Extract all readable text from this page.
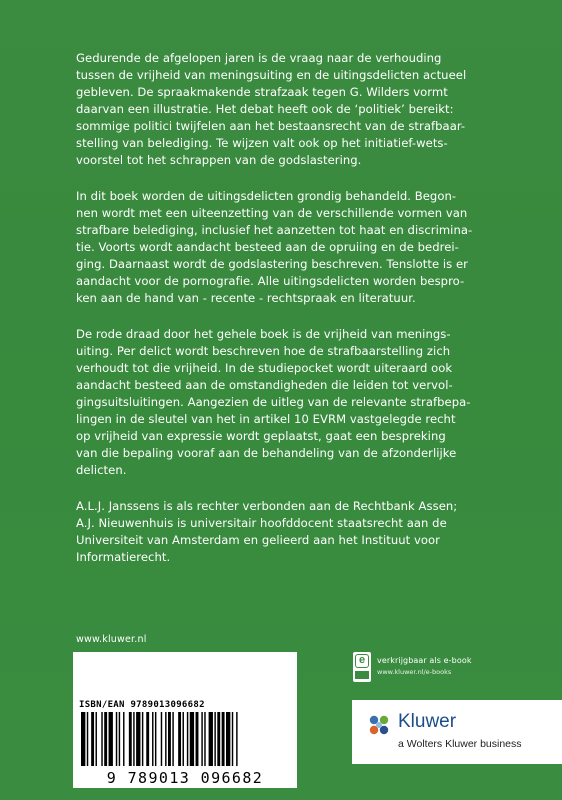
Gedurende de afgelopen jaren is de vraag naar de verhouding
tussen de vrijheid van meningsuiting en de uitingsdelicten actueel
gebleven. De spraakmakende strafzaak tegen G. Wilders vormt
daarvan een illustratie. Het debat heeft ook de ‘politiek’ bereikt:
sommige politici twijfelen aan het bestaansrecht van de strafbaar-
stelling van belediging. Te wijzen valt ook op het initiatief-wets-
voorstel tot het schrappen van de godslastering.

In dit boek worden de uitingsdelicten grondig behandeld. Begon-
nen wordt met een uiteenzetting van de verschillende vormen van
strafbare belediging, inclusief het aanzetten tot haat en discrimina-
tie. Voorts wordt aandacht besteed aan de opruiing en de bedrei-
ging. Daarnaast wordt de godslastering beschreven. Tenslotte is er
aandacht voor de pornografie. Alle uitingsdelicten worden bespro-
ken aan de hand van - recente - rechtspraak en literatuur.

De rode draad door het gehele boek is de vrijheid van menings-
uiting. Per delict wordt beschreven hoe de strafbaarstelling zich
verhoudt tot die vrijheid. In de studiepocket wordt uiteraard ook
aandacht besteed aan de omstandigheden die leiden tot vervol-
gingsuitsluitingen. Aangezien de uitleg van de relevante strafbepa-
lingen in de sleutel van het in artikel 10 EVRM vastgelegde recht
op vrijheid van expressie wordt geplaatst, gaat een bespreking
van die bepaling vooraf aan de behandeling van de afzonderlijke
delicten.

A.L.J. Janssens is als rechter verbonden aan de Rechtbank Assen;
A.J. Nieuwenhuis is universitair hoofddocent staatsrecht aan de
Universiteit van Amsterdam en gelieerd aan het Instituut voor
Informatierecht.

www.kluwer.nl
ISBN/EAN 9789013096682
9 789013 096682
e	verkrijgbaar als e-book
www.kluwer.nl/e-books
Kluwer
a Wolters Kluwer business
